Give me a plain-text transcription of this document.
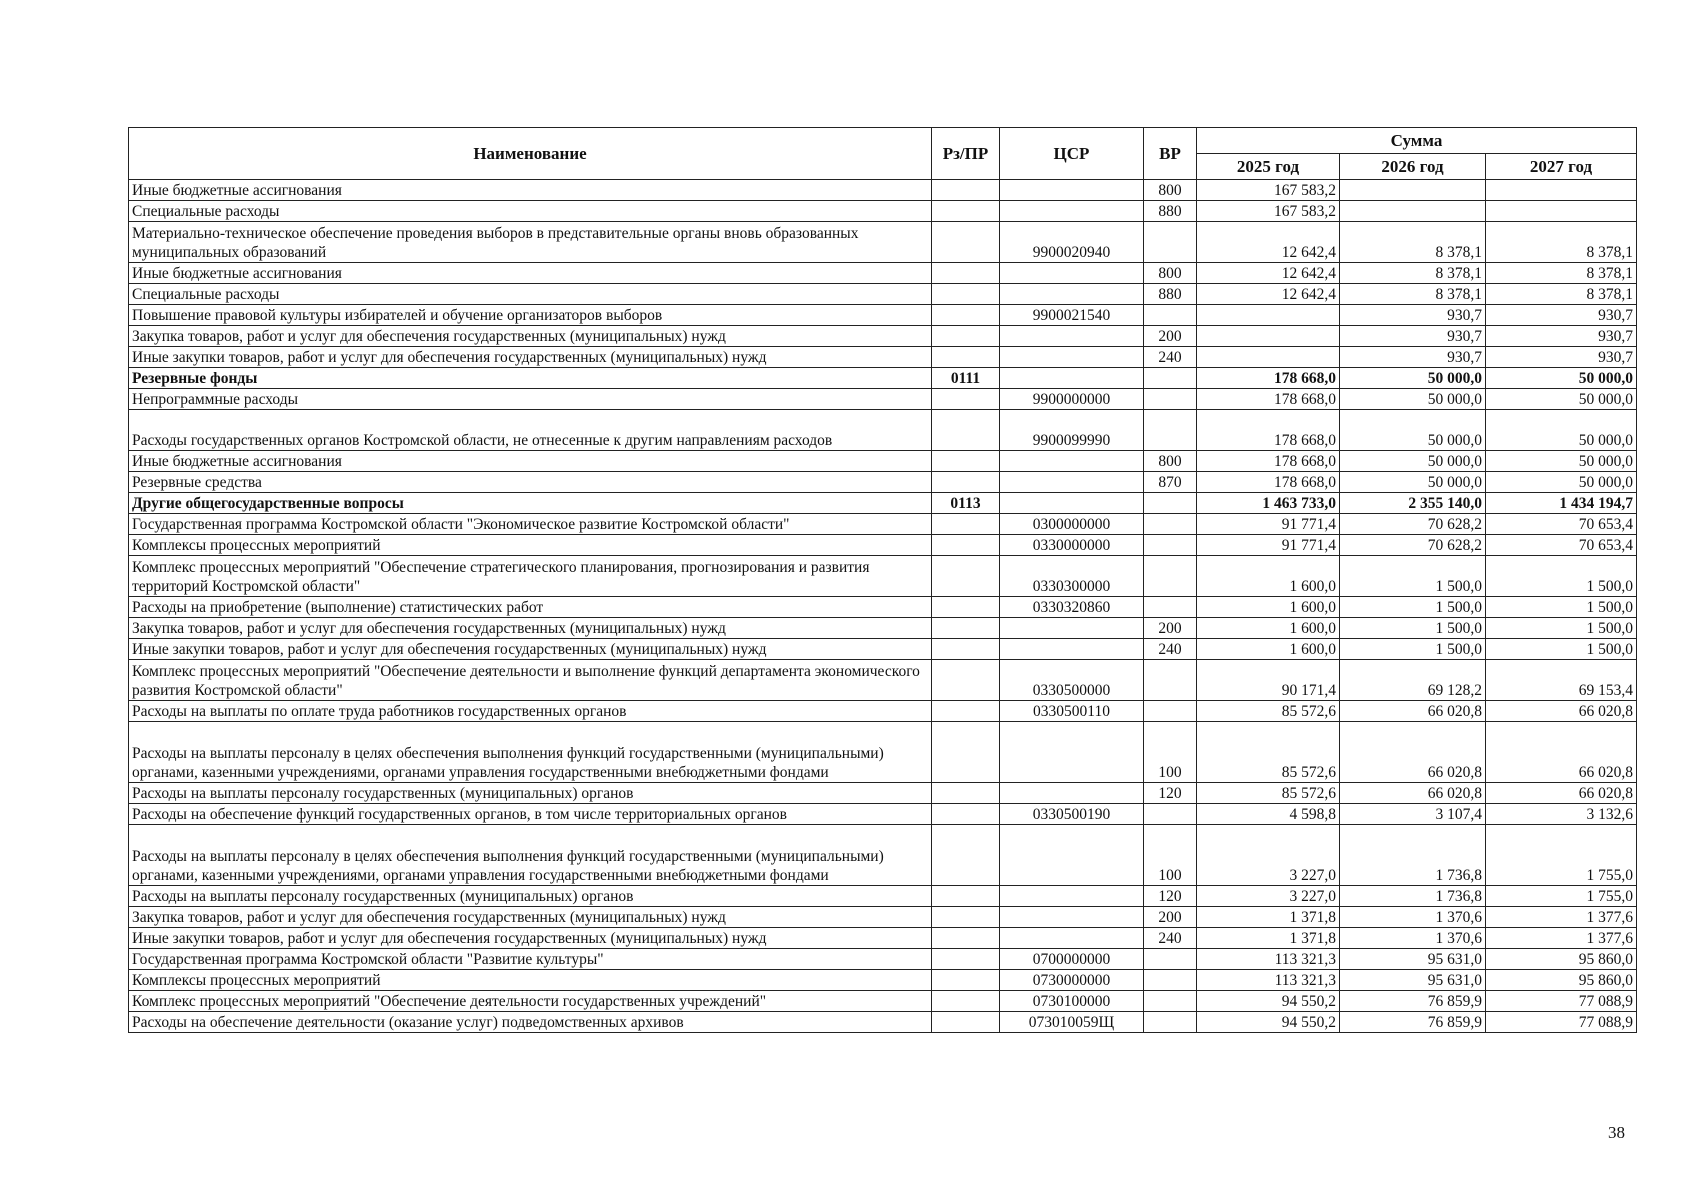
Наименование	Рз/ПР	ЦСР	ВР	Сумма		
				2025 год	2026 год	2027 год
Иные бюджетные ассигнования			800	167 583,2		
Специальные расходы			880	167 583,2		
Материально-техническое обеспечение проведения выборов в представительные органы вновь образованных муниципальных образований		9900020940		12 642,4	8 378,1	8 378,1
Иные бюджетные ассигнования			800	12 642,4	8 378,1	8 378,1
Специальные расходы			880	12 642,4	8 378,1	8 378,1
Повышение правовой культуры избирателей и обучение организаторов выборов		9900021540			930,7	930,7
Закупка товаров, работ и услуг для обеспечения государственных (муниципальных) нужд			200		930,7	930,7
Иные закупки товаров, работ и услуг для обеспечения государственных (муниципальных) нужд			240		930,7	930,7
Резервные фонды	0111			178 668,0	50 000,0	50 000,0
Непрограммные расходы		9900000000		178 668,0	50 000,0	50 000,0
Расходы государственных органов Костромской области, не отнесенные к другим направлениям расходов		9900099990		178 668,0	50 000,0	50 000,0
Иные бюджетные ассигнования			800	178 668,0	50 000,0	50 000,0
Резервные средства			870	178 668,0	50 000,0	50 000,0
Другие общегосударственные вопросы	0113			1 463 733,0	2 355 140,0	1 434 194,7
Государственная программа Костромской области "Экономическое развитие Костромской области"		0300000000		91 771,4	70 628,2	70 653,4
Комплексы процессных мероприятий		0330000000		91 771,4	70 628,2	70 653,4
Комплекс процессных мероприятий "Обеспечение стратегического планирования, прогнозирования и развития территорий Костромской области"		0330300000		1 600,0	1 500,0	1 500,0
Расходы на приобретение (выполнение) статистических работ		0330320860		1 600,0	1 500,0	1 500,0
Закупка товаров, работ и услуг для обеспечения государственных (муниципальных) нужд			200	1 600,0	1 500,0	1 500,0
Иные закупки товаров, работ и услуг для обеспечения государственных (муниципальных) нужд			240	1 600,0	1 500,0	1 500,0
Комплекс процессных мероприятий "Обеспечение деятельности и выполнение функций департамента экономического развития Костромской области"		0330500000		90 171,4	69 128,2	69 153,4
Расходы на выплаты по оплате труда работников государственных органов		0330500110		85 572,6	66 020,8	66 020,8
Расходы на выплаты персоналу в целях обеспечения выполнения функций государственными (муниципальными) органами, казенными учреждениями, органами управления государственными внебюджетными фондами			100	85 572,6	66 020,8	66 020,8
Расходы на выплаты персоналу государственных (муниципальных) органов			120	85 572,6	66 020,8	66 020,8
Расходы на обеспечение функций государственных органов, в том числе территориальных органов		0330500190		4 598,8	3 107,4	3 132,6
Расходы на выплаты персоналу в целях обеспечения выполнения функций государственными (муниципальными) органами, казенными учреждениями, органами управления государственными внебюджетными фондами			100	3 227,0	1 736,8	1 755,0
Расходы на выплаты персоналу государственных (муниципальных) органов			120	3 227,0	1 736,8	1 755,0
Закупка товаров, работ и услуг для обеспечения государственных (муниципальных) нужд			200	1 371,8	1 370,6	1 377,6
Иные закупки товаров, работ и услуг для обеспечения государственных (муниципальных) нужд			240	1 371,8	1 370,6	1 377,6
Государственная программа Костромской области "Развитие культуры"		0700000000		113 321,3	95 631,0	95 860,0
Комплексы процессных мероприятий		0730000000		113 321,3	95 631,0	95 860,0
Комплекс процессных мероприятий "Обеспечение деятельности государственных учреждений"		0730100000		94 550,2	76 859,9	77 088,9
Расходы на обеспечение деятельности (оказание услуг) подведомственных архивов		073010059Щ		94 550,2	76 859,9	77 088,9
38
